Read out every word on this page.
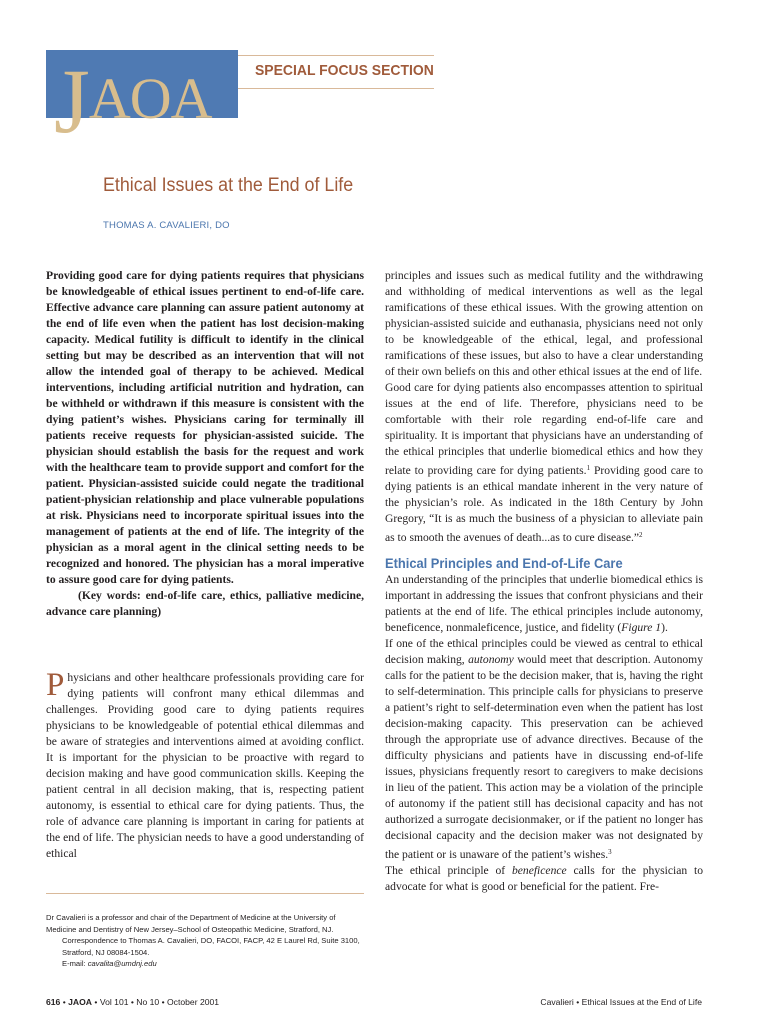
JAOA	SPECIAL FOCUS SECTION
Ethical Issues at the End of Life
THOMAS A. CAVALIERI, DO

Providing good care for dying patients requires that physicians be knowledgeable of ethical issues pertinent to end-of-life care. Effective advance care planning can assure patient autonomy at the end of life even when the patient has lost decision-making capacity. Medical futility is difficult to identify in the clinical setting but may be described as an intervention that will not allow the intended goal of therapy to be achieved. Medical interventions, including artificial nutrition and hydration, can be withheld or withdrawn if this measure is consistent with the dying patient’s wishes. Physicians caring for terminally ill patients receive requests for physician-assisted suicide. The physician should establish the basis for the request and work with the healthcare team to provide support and comfort for the patient. Physician-assisted suicide could negate the traditional patient-physician relationship and place vulnerable populations at risk. Physicians need to incorporate spiritual issues into the management of patients at the end of life. The integrity of the physician as a moral agent in the clinical setting needs to be recognized and honored. The physician has a moral imperative to assure good care for dying patients.

(Key words: end-of-life care, ethics, palliative medicine, advance care planning)

Physicians and other healthcare professionals providing care for dying patients will confront many ethical dilemmas and challenges. Providing good care to dying patients requires physicians to be knowledgeable of potential ethical dilemmas and be aware of strategies and interventions aimed at avoiding conflict. It is important for the physician to be proactive with regard to decision making and have good communication skills. Keeping the patient central in all decision making, that is, respecting patient autonomy, is essential to ethical care for dying patients. Thus, the role of advance care planning is important in caring for patients at the end of life. The physician needs to have a good understanding of ethical

Dr Cavalieri is a professor and chair of the Department of Medicine at the University of Medicine and Dentistry of New Jersey–School of Osteopathic Medicine, Stratford, NJ.
Correspondence to Thomas A. Cavalieri, DO, FACOI, FACP, 42 E Laurel Rd, Suite 3100, Stratford, NJ 08084-1504.
E-mail: cavalita@umdnj.edu

principles and issues such as medical futility and the withdrawing and withholding of medical interventions as well as the legal ramifications of these ethical issues. With the growing attention on physician-assisted suicide and euthanasia, physicians need not only to be knowledgeable of the ethical, legal, and professional ramifications of these issues, but also to have a clear understanding of their own beliefs on this and other ethical issues at the end of life.

Good care for dying patients also encompasses attention to spiritual issues at the end of life. Therefore, physicians need to be comfortable with their role regarding end-of-life care and spirituality. It is important that physicians have an understanding of the ethical principles that underlie biomedical ethics and how they relate to providing care for dying patients.$^1$ Providing good care to dying patients is an ethical mandate inherent in the very nature of the physician’s role. As indicated in the 18th Century by John Gregory, “It is as much the business of a physician to alleviate pain as to smooth the avenues of death...as to cure disease.”$^2$

Ethical Principles and End-of-Life Care

An understanding of the principles that underlie biomedical ethics is important in addressing the issues that confront physicians and their patients at the end of life. The ethical principles include autonomy, beneficence, nonmaleficence, justice, and fidelity (Figure 1).

If one of the ethical principles could be viewed as central to ethical decision making, autonomy would meet that description. Autonomy calls for the patient to be the decision maker, that is, having the right to self-determination. This principle calls for physicians to preserve a patient’s right to self-determination even when the patient has lost decision-making capacity. This preservation can be achieved through the appropriate use of advance directives. Because of the difficulty physicians and patients have in discussing end-of-life issues, physicians frequently resort to caregivers to make decisions in lieu of the patient. This action may be a violation of the principle of autonomy if the patient still has decisional capacity and has not authorized a surrogate decisionmaker, or if the patient no longer has decisional capacity and the decision maker was not designated by the patient or is unaware of the patient’s wishes.$^3$

The ethical principle of beneficence calls for the physician to advocate for what is good or beneficial for the patient. Fre-

616 • JAOA • Vol 101 • No 10 • October 2001	Cavalieri • Ethical Issues at the End of Life
